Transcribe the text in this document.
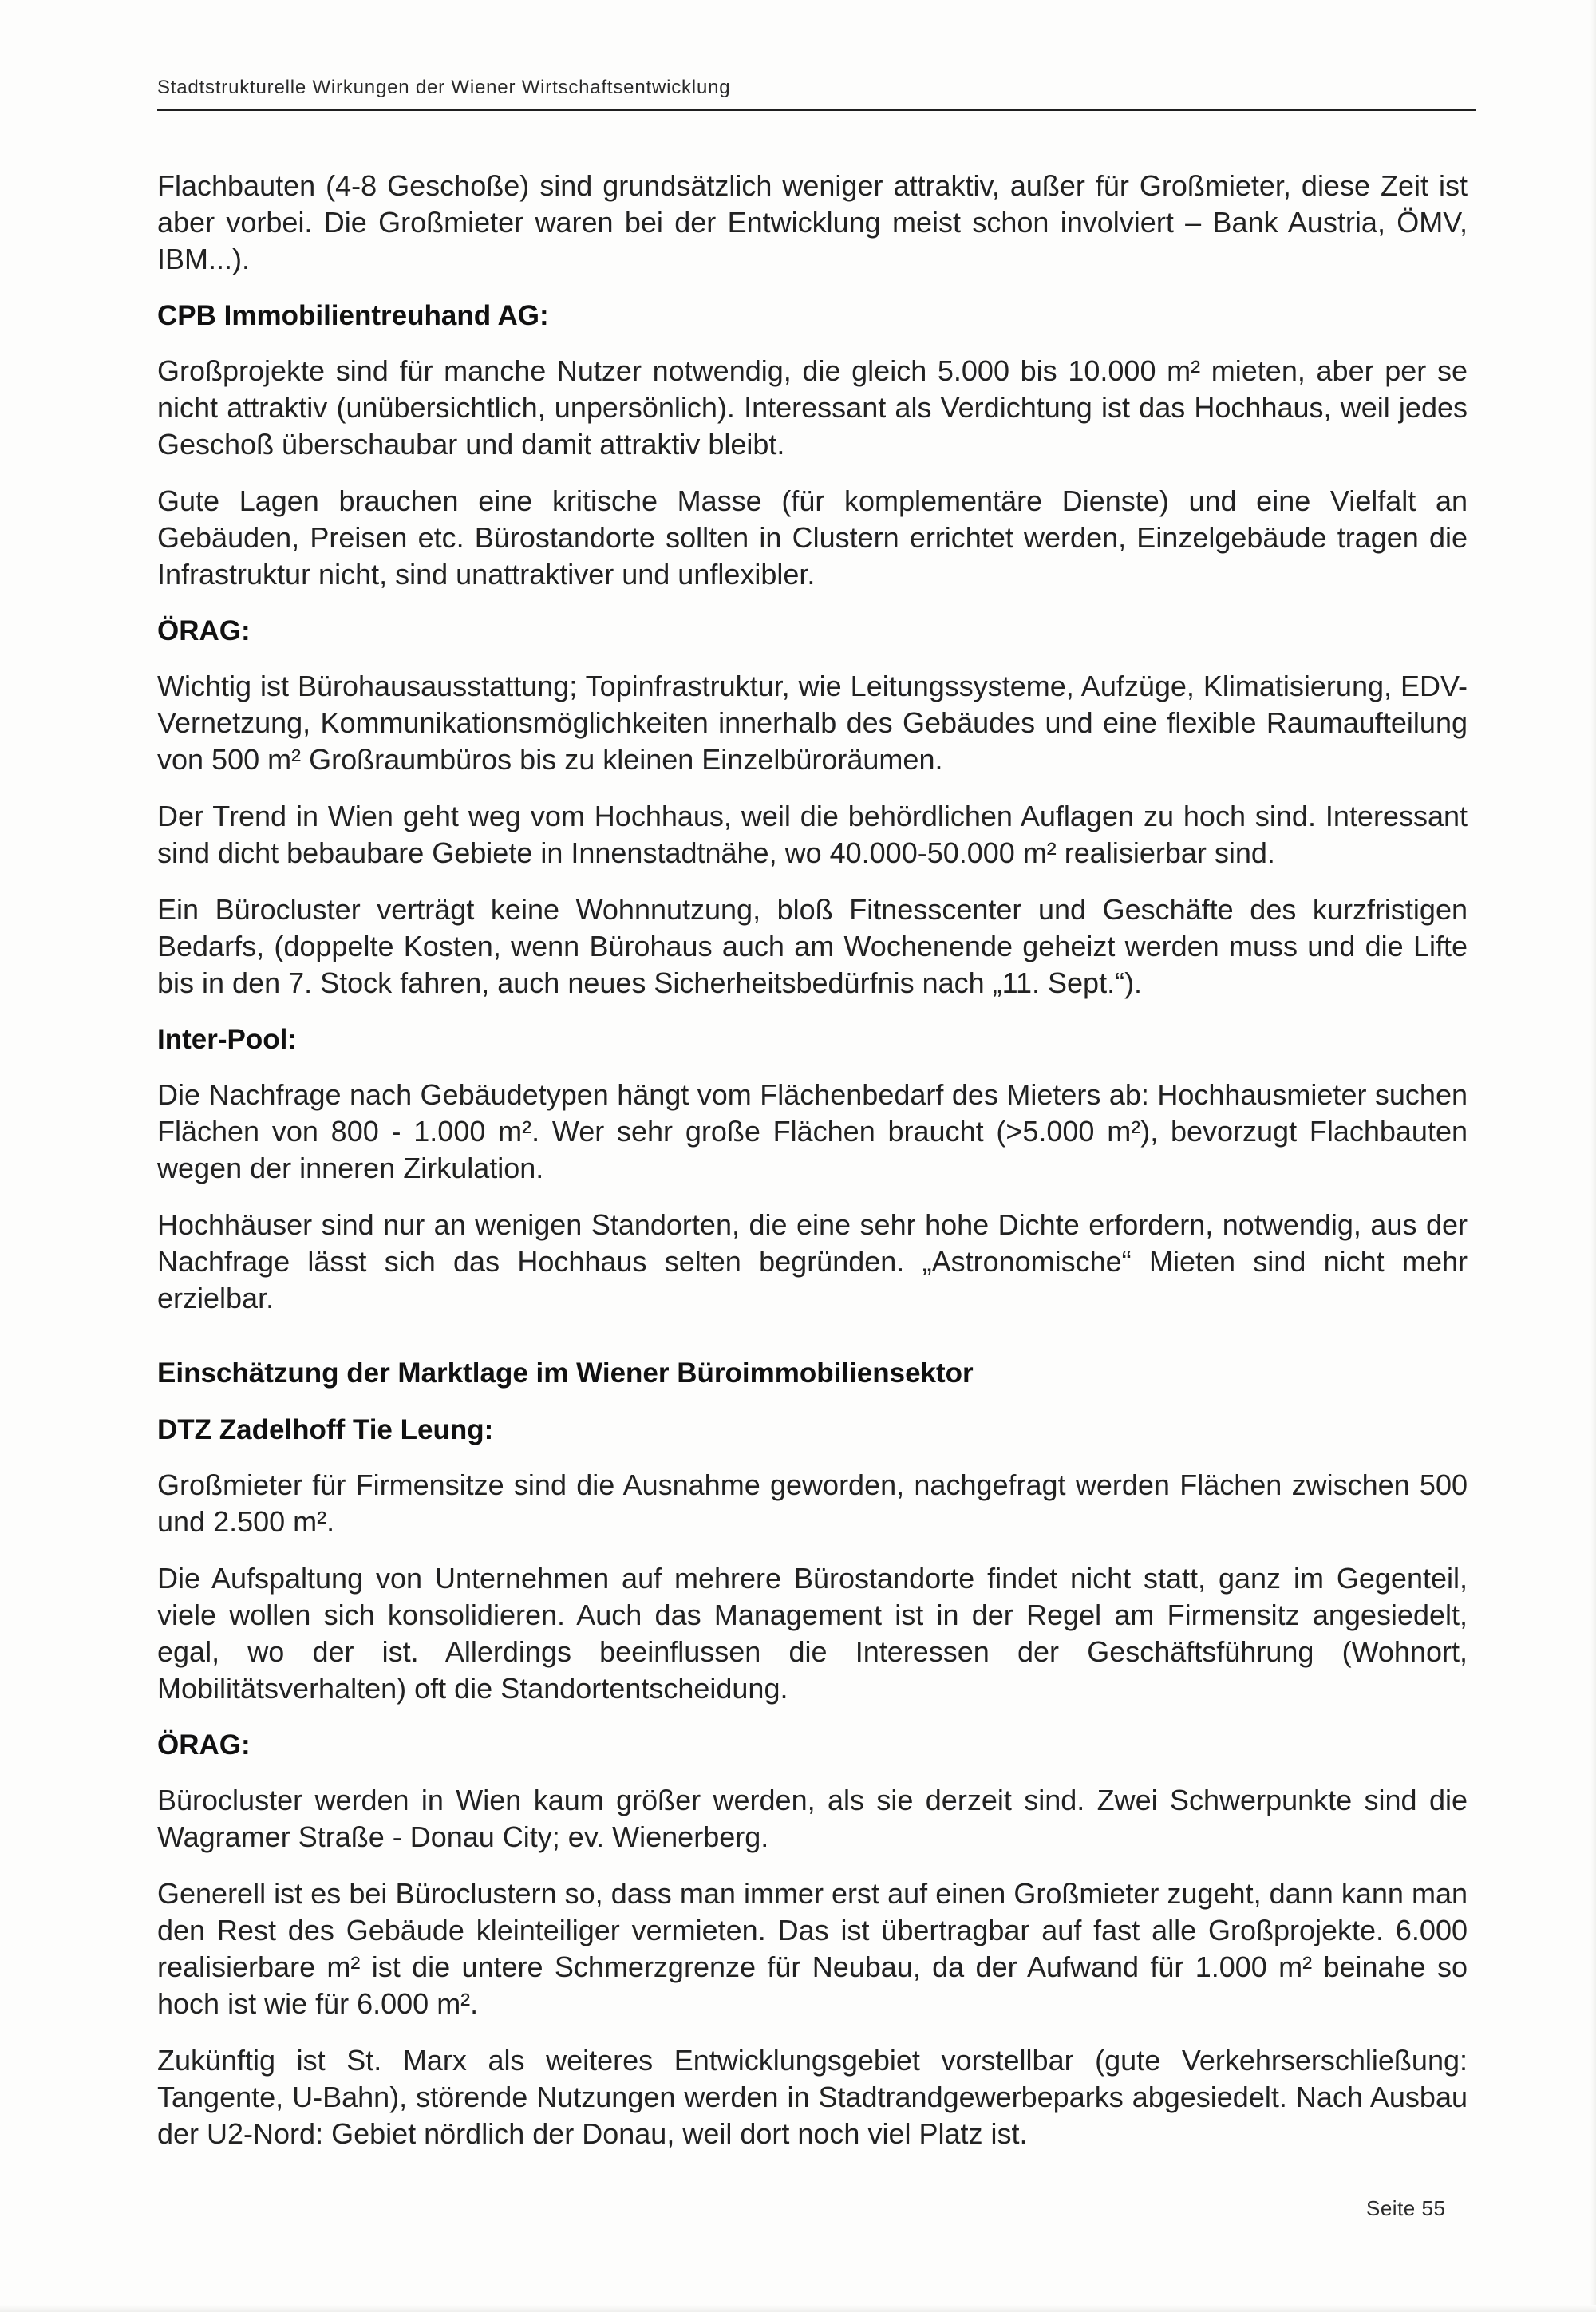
Stadtstrukturelle Wirkungen der Wiener Wirtschaftsentwicklung

Flachbauten (4-8 Geschoße) sind grundsätzlich weniger attraktiv, außer für Großmieter, diese Zeit ist aber vorbei. Die Großmieter waren bei der Entwicklung meist schon involviert – Bank Austria, ÖMV, IBM...).

CPB Immobilientreuhand AG:

Großprojekte sind für manche Nutzer notwendig, die gleich 5.000 bis 10.000 m² mieten, aber per se nicht attraktiv (unübersichtlich, unpersönlich). Interessant als Verdichtung ist das Hochhaus, weil jedes Geschoß überschaubar und damit attraktiv bleibt.

Gute Lagen brauchen eine kritische Masse (für komplementäre Dienste) und eine Vielfalt an Gebäuden, Preisen etc. Bürostandorte sollten in Clustern errichtet werden, Einzelgebäude tragen die Infrastruktur nicht, sind unattraktiver und unflexibler.

ÖRAG:

Wichtig ist Bürohausausstattung; Topinfrastruktur, wie Leitungssysteme, Aufzüge, Klimatisierung, EDV-Vernetzung, Kommunikationsmöglichkeiten innerhalb des Gebäudes und eine flexible Raumaufteilung von 500 m² Großraumbüros bis zu kleinen Einzelbüroräumen.

Der Trend in Wien geht weg vom Hochhaus, weil die behördlichen Auflagen zu hoch sind. Interessant sind dicht bebaubare Gebiete in Innenstadtnähe, wo 40.000-50.000 m² realisierbar sind.

Ein Bürocluster verträgt keine Wohnnutzung, bloß Fitnesscenter und Geschäfte des kurzfristigen Bedarfs, (doppelte Kosten, wenn Bürohaus auch am Wochenende geheizt werden muss und die Lifte bis in den 7. Stock fahren, auch neues Sicherheitsbedürfnis nach „11. Sept.“).

Inter-Pool:

Die Nachfrage nach Gebäudetypen hängt vom Flächenbedarf des Mieters ab: Hochhausmieter suchen Flächen von 800 - 1.000 m². Wer sehr große Flächen braucht (>5.000 m²), bevorzugt Flachbauten wegen der inneren Zirkulation.

Hochhäuser sind nur an wenigen Standorten, die eine sehr hohe Dichte erfordern, notwendig, aus der Nachfrage lässt sich das Hochhaus selten begründen. „Astronomische“ Mieten sind nicht mehr erzielbar.

Einschätzung der Marktlage im Wiener Büroimmobiliensektor
DTZ Zadelhoff Tie Leung:

Großmieter für Firmensitze sind die Ausnahme geworden, nachgefragt werden Flächen zwischen 500 und 2.500 m².

Die Aufspaltung von Unternehmen auf mehrere Bürostandorte findet nicht statt, ganz im Gegenteil, viele wollen sich konsolidieren. Auch das Management ist in der Regel am Firmensitz angesiedelt, egal, wo der ist. Allerdings beeinflussen die Interessen der Geschäftsführung (Wohnort, Mobilitätsverhalten) oft die Standortentscheidung.

ÖRAG:

Bürocluster werden in Wien kaum größer werden, als sie derzeit sind. Zwei Schwerpunkte sind die Wagramer Straße - Donau City; ev. Wienerberg.

Generell ist es bei Büroclustern so, dass man immer erst auf einen Großmieter zugeht, dann kann man den Rest des Gebäude kleinteiliger vermieten. Das ist übertragbar auf fast alle Großprojekte. 6.000 realisierbare m² ist die untere Schmerzgrenze für Neubau, da der Aufwand für 1.000 m² beinahe so hoch ist wie für 6.000 m².

Zukünftig ist St. Marx als weiteres Entwicklungsgebiet vorstellbar (gute Verkehrserschließung: Tangente, U-Bahn), störende Nutzungen werden in Stadtrandgewerbeparks abgesiedelt. Nach Ausbau der U2-Nord: Gebiet nördlich der Donau, weil dort noch viel Platz ist.

Seite 55
